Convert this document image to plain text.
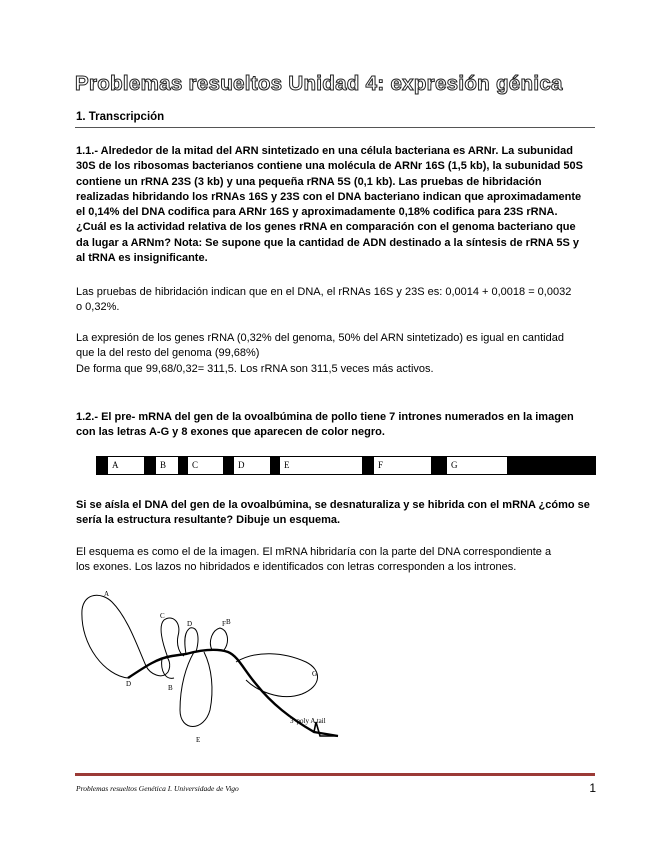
Problemas resueltos Unidad 4: expresión génica
1. Transcripción
1.1.- Alrededor de la mitad del ARN sintetizado en una célula bacteriana es ARNr. La subunidad
30S de los ribosomas bacterianos contiene una molécula de ARNr 16S (1,5 kb), la subunidad 50S
contiene un rRNA 23S (3 kb) y una pequeña rRNA 5S (0,1 kb). Las pruebas de hibridación
realizadas hibridando los rRNAs 16S y 23S con el DNA bacteriano indican que aproximadamente
el 0,14% del DNA codifica para ARNr 16S y aproximadamente 0,18% codifica para 23S rRNA.
¿Cuál es la actividad relativa de los genes rRNA en comparación con el genoma bacteriano que
da lugar a ARNm? Nota: Se supone que la cantidad de ADN destinado a la síntesis de rRNA 5S y
al tRNA es insignificante.
Las pruebas de hibridación indican que en el DNA, el rRNAs 16S y 23S es: 0,0014 + 0,0018 = 0,0032
o 0,32%.
La expresión de los genes rRNA (0,32% del genoma, 50% del ARN sintetizado) es igual en cantidad
que la del resto del genoma (99,68%)
De forma que 99,68/0,32= 311,5. Los rRNA son 311,5 veces más activos.
1.2.- El pre- mRNA del gen de la ovoalbúmina de pollo tiene 7 intrones numerados en la imagen
con las letras A-G y 8 exones que aparecen de color negro.
A	B	C	D	E	F	G
Si se aísla el DNA del gen de la ovoalbúmina, se desnaturaliza y se hibrida con el mRNA ¿cómo se
sería la estructura resultante? Dibuje un esquema.
El esquema es como el de la imagen. El mRNA hibridaría con la parte del DNA correspondiente a
los exones. Los lazos no hibridados e identificados con letras corresponden a los intrones.
A
B
C
D
E
F
G
B
D
3' poly A tail
Problemas resueltos Genética I. Universidade de Vigo	1
